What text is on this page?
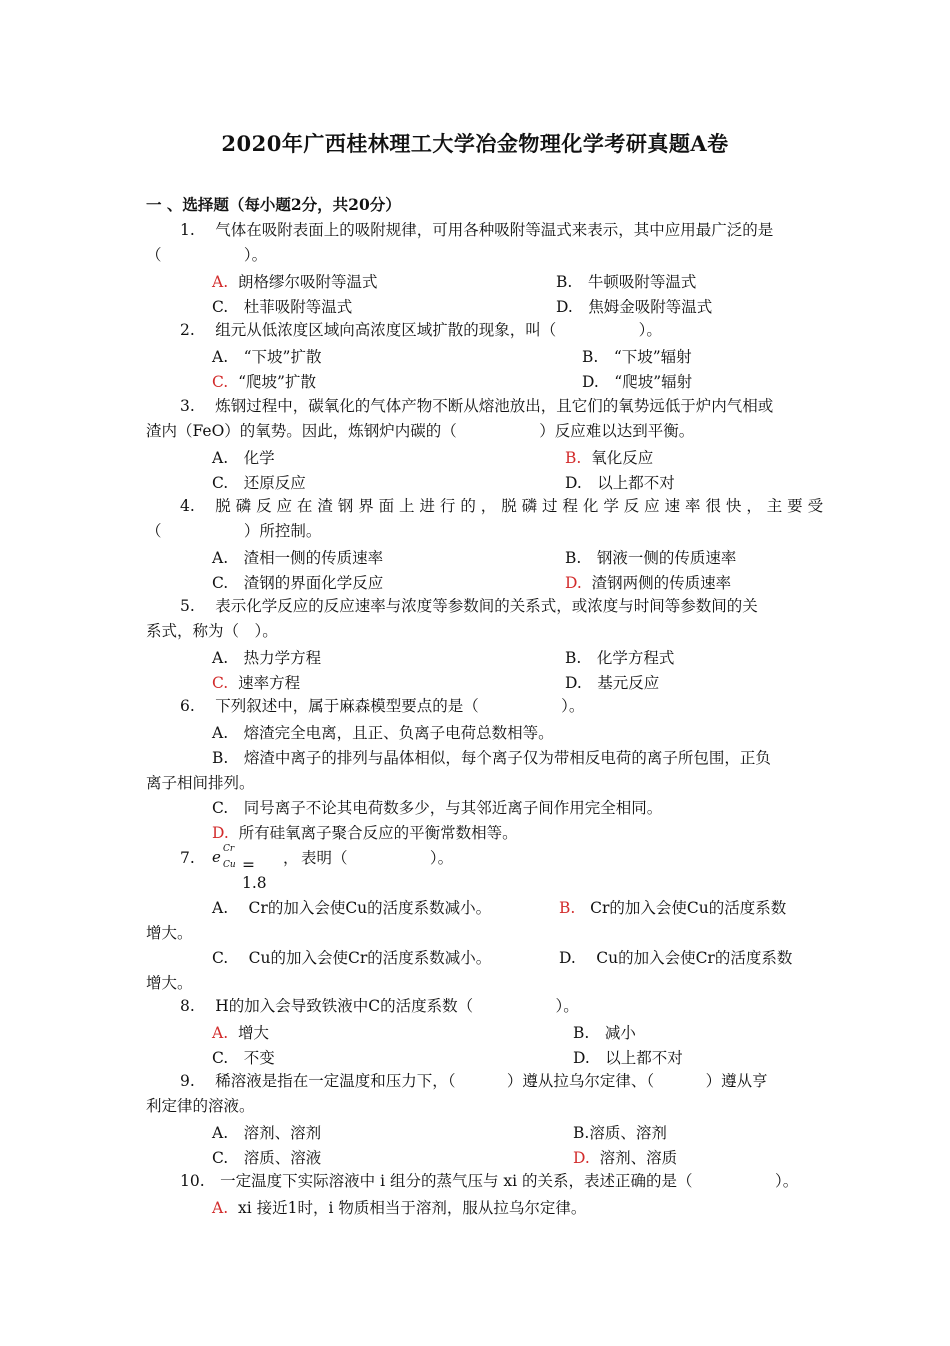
2020年广西桂林理工大学冶金物理化学考研真题A卷
一 、选择题（每小题2分，共20分）
1.　 气体在吸附表面上的吸附规律，可用各种吸附等温式来表示，其中应用最广泛的是
（　　　　　 ）。
A. 朗格缪尔吸附等温式	B.　牛顿吸附等温式
C.　杜菲吸附等温式	D.　焦姆金吸附等温式
2.　 组元从低浓度区域向高浓度区域扩散的现象，叫（　　　　　 ）。
A.　“下坡”扩散	B.　“下坡”辐射
C. “爬坡”扩散	D.　“爬坡”辐射
3.　 炼钢过程中，碳氧化的气体产物不断从熔池放出，且它们的氧势远低于炉内气相或
渣内（FeO）的氧势。因此，炼钢炉内碳的（　　　　　 ）反应难以达到平衡。
A.　化学	B. 氧化反应
C.　还原反应	D.　以上都不对
4.　 脱 磷 反 应 在 渣 钢 界 面 上 进 行 的 ， 脱 磷 过 程 化 学 反 应 速 率 很 快 ， 主 要 受
（　　　　　 ）所控制。
A.　渣相一侧的传质速率	B.　钢液一侧的传质速率
C.　渣钢的界面化学反应	D. 渣钢两侧的传质速率
5.　 表示化学反应的反应速率与浓度等参数间的关系式，或浓度与时间等参数间的关
系式，称为（　）。
A.　热力学方程	B.　化学方程式
C. 速率方程	D.　基元反应
6.　 下列叙述中，属于麻森模型要点的是（　　　　　 ）。
A.　熔渣完全电离，且正、负离子电荷总数相等。
B.　熔渣中离子的排列与晶体相似，每个离子仅为带相反电荷的离子所包围，正负
离子相间排列。
C.　同号离子不论其电荷数多少，与其邻近离子间作用完全相同。
D. 所有硅氧离子聚合反应的平衡常数相等。
7. e Cr
Cu = 1.8
， 表明（　　　　　 ）。
A.　 Cr的加入会使Cu的活度系数减小。	B. Cr的加入会使Cu的活度系数
增大。
C.　 Cu的加入会使Cr的活度系数减小。	D.　 Cu的加入会使Cr的活度系数
增大。
8.　 H的加入会导致铁液中C的活度系数（　　　　　 ）。
A. 增大	B.　减小
C.　不变	D.　以上都不对
9.　 稀溶液是指在一定温度和压力下，（　　　 ）遵从拉乌尔定律、（　　　 ）遵从亨
利定律的溶液。
A.　溶剂、溶剂	B.溶质、溶剂
C.　溶质、溶液	D. 溶剂、溶质
10.　一定温度下实际溶液中 i 组分的蒸气压与 xi 的关系，表述正确的是（　　　　　 ）。
A. xi 接近1时，i 物质相当于溶剂，服从拉乌尔定律。
